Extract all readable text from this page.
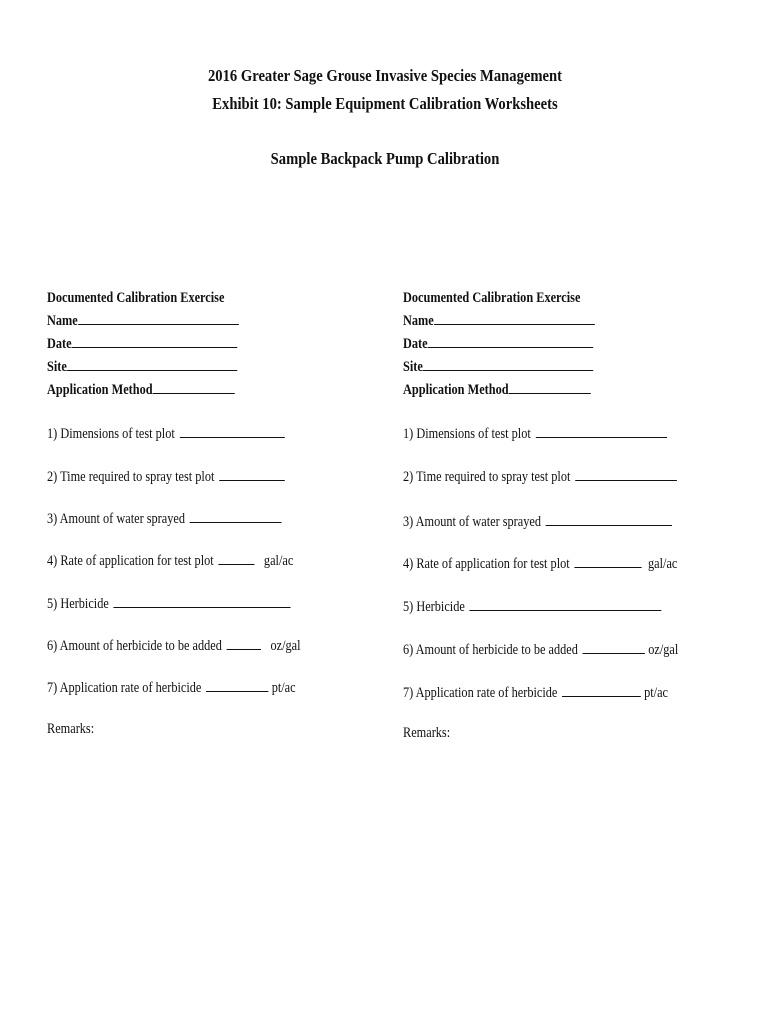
2016 Greater Sage Grouse Invasive Species Management
Exhibit 10: Sample Equipment Calibration Worksheets
Sample Backpack Pump Calibration
Documented Calibration Exercise
Name
Date
Site
Application Method
1) Dimensions of test plot
2) Time required to spray test plot
3) Amount of water sprayed
4) Rate of application for test plot	gal/ac
5) Herbicide
6) Amount of herbicide to be added	oz/gal
7) Application rate of herbicide	pt/ac
Remarks:
Documented Calibration Exercise
Name
Date
Site
Application Method
1) Dimensions of test plot
2) Time required to spray test plot
3) Amount of water sprayed
4) Rate of application for test plot	gal/ac
5) Herbicide
6) Amount of herbicide to be added	oz/gal
7) Application rate of herbicide	pt/ac
Remarks:
